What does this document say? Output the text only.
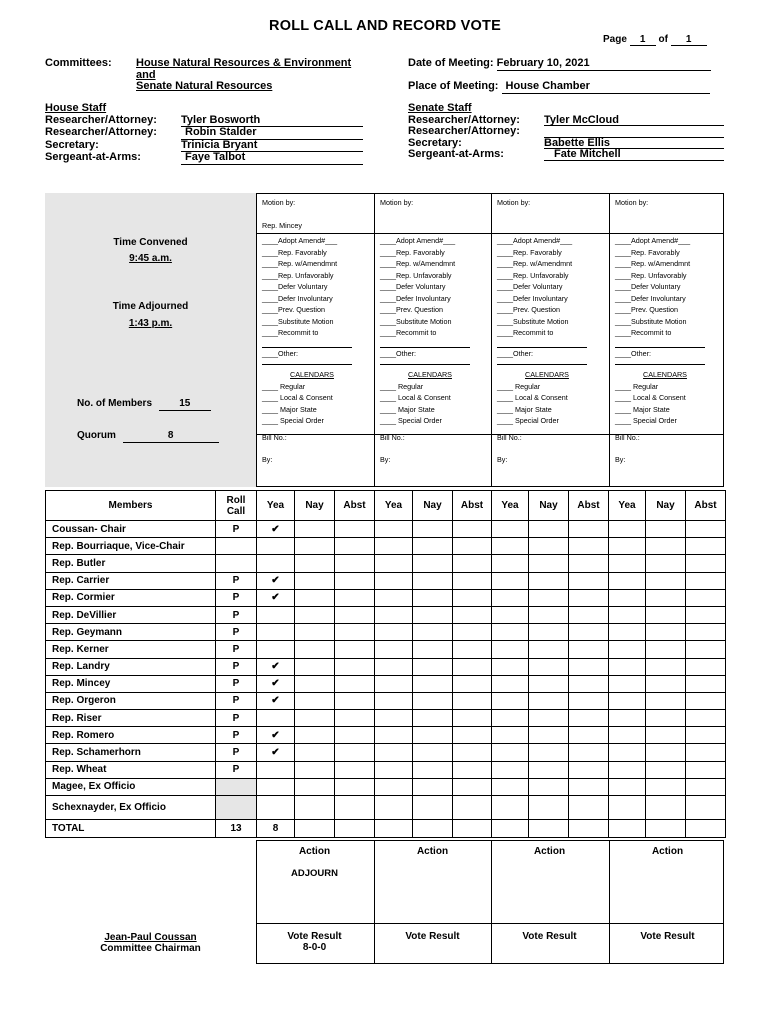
ROLL CALL AND RECORD VOTE
Page 1 of 1
Committees: House Natural Resources & Environment
and
Senate Natural Resources
Date of Meeting: February 10, 2021
Place of Meeting: House Chamber
House Staff
Researcher/Attorney:	Tyler Bosworth
Researcher/Attorney:	Robin Stalder
Secretary:	Trinicia Bryant
Sergeant-at-Arms:	Faye Talbot
Senate Staff
Researcher/Attorney:	Tyler McCloud
Researcher/Attorney:
Secretary:	Babette Ellis
Sergeant-at-Arms:	Fate Mitchell
Time Convened
9:45 a.m.
Time Adjourned
1:43 p.m.
No. of Members	15
Quorum	8
Motion by:
Rep. Mincey
____Adopt Amend#___
____Rep. Favorably
____Rep. w/Amendmnt
____Rep. Unfavorably
____Defer Voluntary
____Defer Involuntary
____Prev. Question
____Substitute Motion
____Recommit to
____Other:
CALENDARS
____ Regular
____ Local & Consent
____ Major State
____ Special Order
Bill No.:
By:
Motion by:
____Adopt Amend#___
____Rep. Favorably
____Rep. w/Amendmnt
____Rep. Unfavorably
____Defer Voluntary
____Defer Involuntary
____Prev. Question
____Substitute Motion
____Recommit to
____Other:
CALENDARS
____ Regular
____ Local & Consent
____ Major State
____ Special Order
Bill No.:
By:
Motion by:
____Adopt Amend#___
____Rep. Favorably
____Rep. w/Amendmnt
____Rep. Unfavorably
____Defer Voluntary
____Defer Involuntary
____Prev. Question
____Substitute Motion
____Recommit to
____Other:
CALENDARS
____ Regular
____ Local & Consent
____ Major State
____ Special Order
Bill No.:
By:
Motion by:
____Adopt Amend#___
____Rep. Favorably
____Rep. w/Amendmnt
____Rep. Unfavorably
____Defer Voluntary
____Defer Involuntary
____Prev. Question
____Substitute Motion
____Recommit to
____Other:
CALENDARS
____ Regular
____ Local & Consent
____ Major State
____ Special Order
Bill No.:
By:
Members	Roll
Call	Yea	Nay	Abst	Yea	Nay	Abst	Yea	Nay	Abst	Yea	Nay	Abst
Coussan- Chair	P	✔											
Rep. Bourriaque, Vice-Chair													
Rep. Butler													
Rep. Carrier	P	✔											
Rep. Cormier	P	✔											
Rep. DeVillier	P												
Rep. Geymann	P												
Rep. Kerner	P												
Rep. Landry	P	✔											
Rep. Mincey	P	✔											
Rep. Orgeron	P	✔											
Rep. Riser	P												
Rep. Romero	P	✔											
Rep. Schamerhorn	P	✔											
Rep. Wheat	P												
Magee, Ex Officio													
Schexnayder, Ex Officio													
TOTAL	13	8											
Action
ADJOURN
Vote Result
8-0-0
Action
Vote Result
Action
Vote Result
Action
Vote Result
Jean-Paul Coussan
Committee Chairman
